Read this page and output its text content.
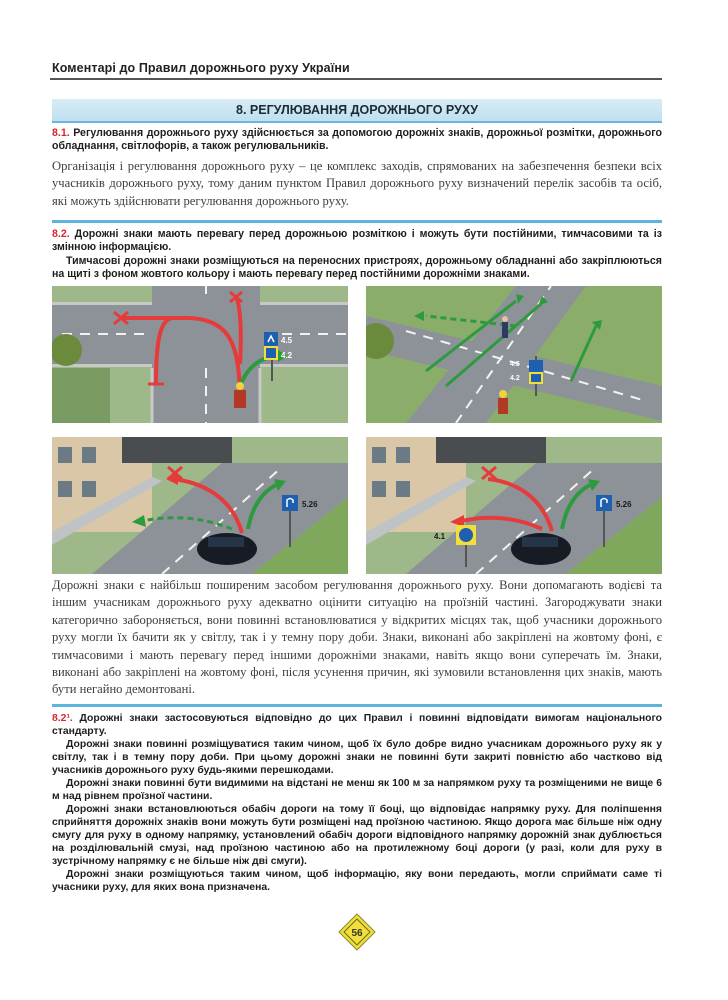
Коментарі до Правил дорожнього руху України
8. РЕГУЛЮВАННЯ ДОРОЖНЬОГО РУХУ
8.1. Регулювання дорожнього руху здійснюється за допомогою дорожніх знаків, дорожньої розмітки, дорожнього обладнання, світлофорів, а також регулювальників.
Організація і регулювання дорожнього руху – це комплекс заходів, спрямованих на забезпечення безпеки всіх учасників дорожнього руху, тому даним пунктом Правил дорожнього руху визначений перелік засобів та осіб, які можуть здійснювати регулювання дорожнього руху.
8.2. Дорожні знаки мають перевагу перед дорожньою розміткою і можуть бути постійними, тимчасовими та із змінною інформацією.
Тимчасові дорожні знаки розміщуються на переносних пристроях, дорожньому обладнанні або закріплюються на щиті з фоном жовтого кольору і мають перевагу перед постійними дорожніми знаками.
4.5
4.2
4.5
4.2
5.26
4.1
5.26
Дорожні знаки є найбільш поширеним засобом регулювання дорожнього руху. Вони допомагають водієві та іншим учасникам дорожнього руху адекватно оцінити ситуацію на проїзній частині. Загороджувати знаки категорично забороняється, вони повинні встановлюватися у відкритих місцях так, щоб учасники дорожнього руху могли їх бачити як у світлу, так і у темну пору доби. Знаки, виконані або закріплені на жовтому фоні, є тимчасовими і мають перевагу перед іншими дорожніми знаками, навіть якщо вони суперечать їм. Знаки, виконані або закріплені на жовтому фоні, після усунення причин, які зумовили встановлення цих знаків, мають бути негайно демонтовані.
8.2¹. Дорожні знаки застосовуються відповідно до цих Правил і повинні відповідати вимогам національного стандарту.
Дорожні знаки повинні розміщуватися таким чином, щоб їх було добре видно учасникам дорожнього руху як у світлу, так і в темну пору доби. При цьому дорожні знаки не повинні бути закриті повністю або частково від учасників дорожнього руху будь-якими перешкодами.
Дорожні знаки повинні бути видимими на відстані не менш як 100 м за напрямком руху та розміщеними не вище 6 м над рівнем проїзної частини.
Дорожні знаки встановлюються обабіч дороги на тому її боці, що відповідає напрямку руху. Для поліпшення сприйняття дорожніх знаків вони можуть бути розміщені над проїзною частиною. Якщо дорога має більше ніж одну смугу для руху в одному напрямку, установлений обабіч дороги відповідного напрямку дорожній знак дублюється на розділювальній смузі, над проїзною частиною або на протилежному боці дороги (у разі, коли для руху в зустрічному напрямку є не більше ніж дві смуги).
Дорожні знаки розміщуються таким чином, щоб інформацію, яку вони передають, могли сприймати саме ті учасники руху, для яких вона призначена.
56
